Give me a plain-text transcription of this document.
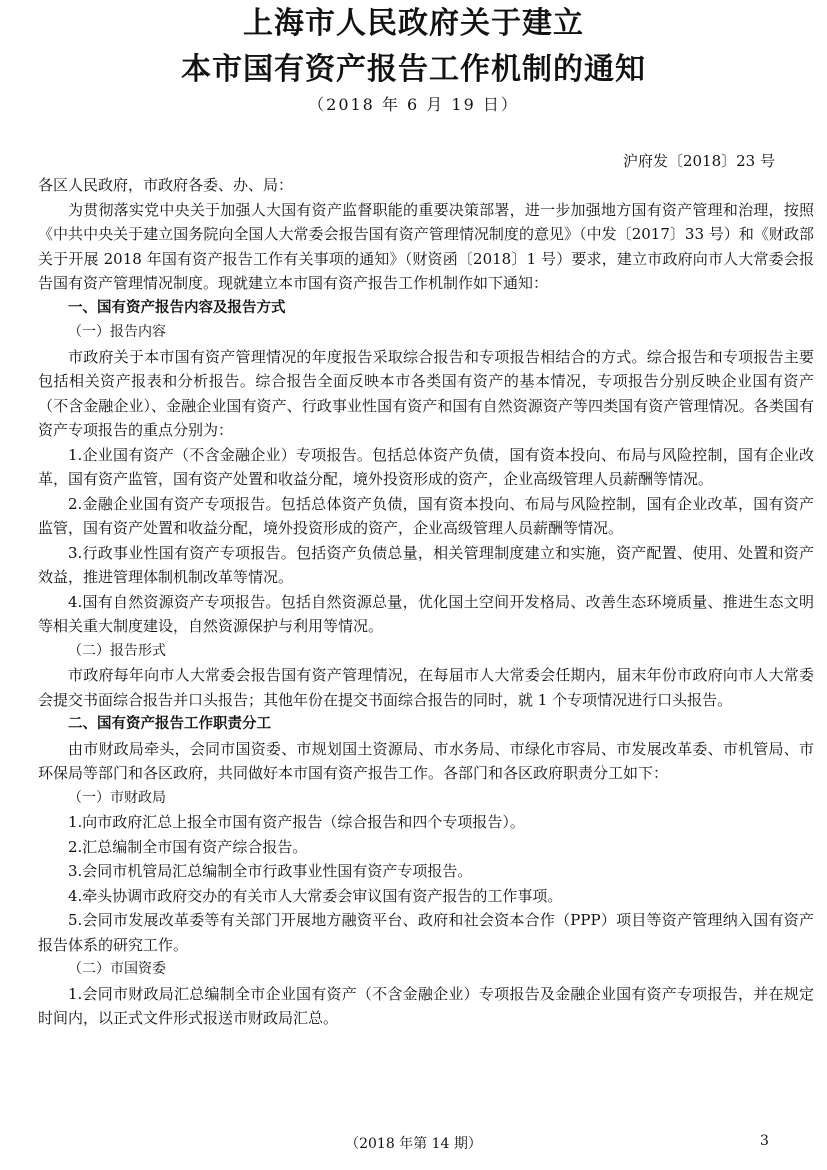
上海市人民政府关于建立
本市国有资产报告工作机制的通知
（2018 年 6 月 19 日）
沪府发〔2018〕23 号

各区人民政府，市政府各委、办、局：

为贯彻落实党中央关于加强人大国有资产监督职能的重要决策部署，进一步加强地方国有资产管理和治理，按照《中共中央关于建立国务院向全国人大常委会报告国有资产管理情况制度的意见》（中发〔2017〕33 号）和《财政部关于开展 2018 年国有资产报告工作有关事项的通知》（财资函〔2018〕1 号）要求，建立市政府向市人大常委会报告国有资产管理情况制度。现就建立本市国有资产报告工作机制作如下通知：

一、国有资产报告内容及报告方式

（一）报告内容

市政府关于本市国有资产管理情况的年度报告采取综合报告和专项报告相结合的方式。综合报告和专项报告主要包括相关资产报表和分析报告。综合报告全面反映本市各类国有资产的基本情况，专项报告分别反映企业国有资产（不含金融企业）、金融企业国有资产、行政事业性国有资产和国有自然资源资产等四类国有资产管理情况。各类国有资产专项报告的重点分别为：

1.企业国有资产（不含金融企业）专项报告。包括总体资产负债，国有资本投向、布局与风险控制，国有企业改革，国有资产监管，国有资产处置和收益分配，境外投资形成的资产，企业高级管理人员薪酬等情况。

2.金融企业国有资产专项报告。包括总体资产负债，国有资本投向、布局与风险控制，国有企业改革，国有资产监管，国有资产处置和收益分配，境外投资形成的资产，企业高级管理人员薪酬等情况。

3.行政事业性国有资产专项报告。包括资产负债总量，相关管理制度建立和实施，资产配置、使用、处置和资产效益，推进管理体制机制改革等情况。

4.国有自然资源资产专项报告。包括自然资源总量，优化国土空间开发格局、改善生态环境质量、推进生态文明等相关重大制度建设，自然资源保护与利用等情况。

（二）报告形式

市政府每年向市人大常委会报告国有资产管理情况，在每届市人大常委会任期内，届末年份市政府向市人大常委会提交书面综合报告并口头报告；其他年份在提交书面综合报告的同时，就 1 个专项情况进行口头报告。

二、国有资产报告工作职责分工

由市财政局牵头，会同市国资委、市规划国土资源局、市水务局、市绿化市容局、市发展改革委、市机管局、市环保局等部门和各区政府，共同做好本市国有资产报告工作。各部门和各区政府职责分工如下：

（一）市财政局

1.向市政府汇总上报全市国有资产报告（综合报告和四个专项报告）。

2.汇总编制全市国有资产综合报告。

3.会同市机管局汇总编制全市行政事业性国有资产专项报告。

4.牵头协调市政府交办的有关市人大常委会审议国有资产报告的工作事项。

5.会同市发展改革委等有关部门开展地方融资平台、政府和社会资本合作（PPP）项目等资产管理纳入国有资产报告体系的研究工作。

（二）市国资委

1.会同市财政局汇总编制全市企业国有资产（不含金融企业）专项报告及金融企业国有资产专项报告，并在规定时间内，以正式文件形式报送市财政局汇总。

（2018 年第 14 期）	3
